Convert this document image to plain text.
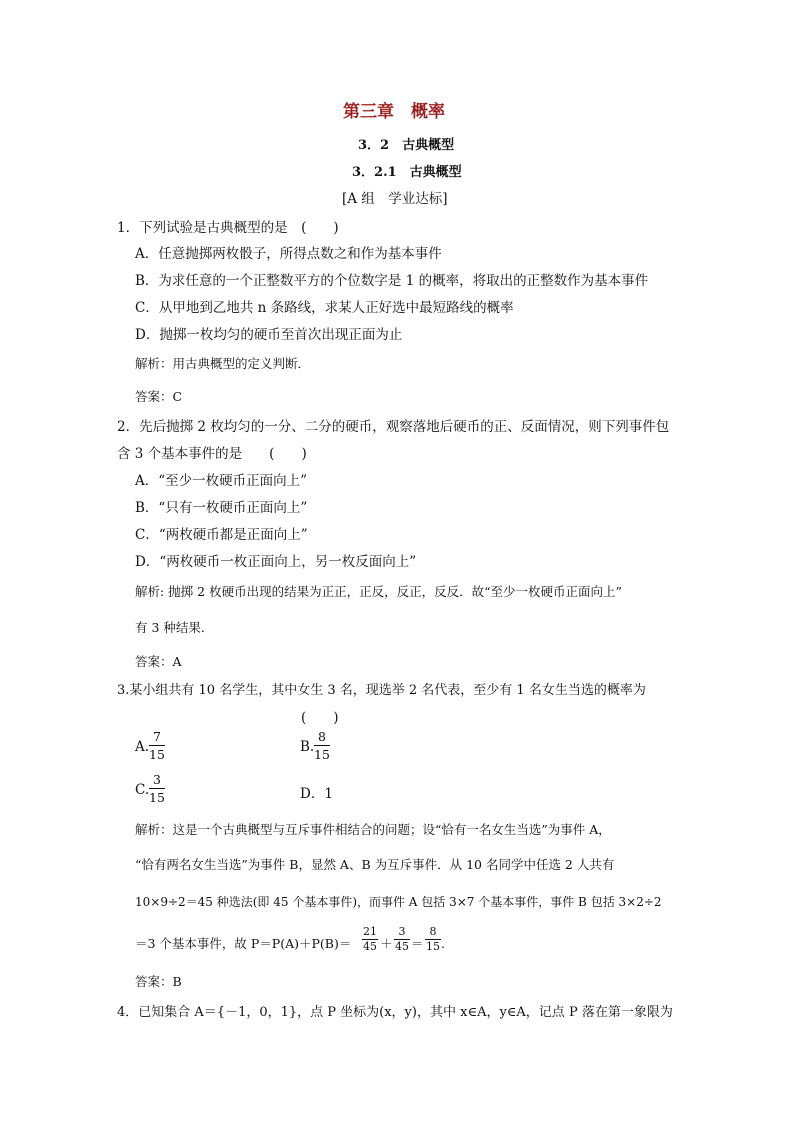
第三章　概率
3．2　古典概型
3．2.1　古典概型
[A 组　学业达标]
1．下列试验是古典概型的是　(　　)
A．任意抛掷两枚骰子，所得点数之和作为基本事件
B．为求任意的一个正整数平方的个位数字是 1 的概率，将取出的正整数作为基本事件
C．从甲地到乙地共 n 条路线，求某人正好选中最短路线的概率
D．抛掷一枚均匀的硬币至首次出现正面为止
解析：用古典概型的定义判断．
答案：C
2．先后抛掷 2 枚均匀的一分、二分的硬币，观察落地后硬币的正、反面情况，则下列事件包
含 3 个基本事件的是　　(　　)
A．“至少一枚硬币正面向上”
B．“只有一枚硬币正面向上”
C．“两枚硬币都是正面向上”
D．“两枚硬币一枚正面向上，另一枚反面向上”
解析: 抛掷 2 枚硬币出现的结果为正正，正反，反正，反反．故“至少一枚硬币正面向上”
有 3 种结果．
答案：A
3.某小组共有 10 名学生，其中女生 3 名，现选举 2 名代表，至少有 1 名女生当选的概率为
(　　)
A.
7
15	B.
8
15
C.
3
15	D．1
解析：这是一个古典概型与互斥事件相结合的问题；设“恰有一名女生当选”为事件 A，
“恰有两名女生当选”为事件 B，显然 A、B 为互斥事件．从 10 名同学中任选 2 人共有
10×9÷2＝45 种选法(即 45 个基本事件)，而事件 A 包括 3×7 个基本事件，事件 B 包括 3×2÷2
＝3 个基本事件，故 P＝P(A)＋P(B)＝
21
45 ＋
3
45 ＝
8
15 .
答案：B
4．已知集合 A＝{－1，0，1}，点 P 坐标为(x，y)，其中 x∈A，y∈A，记点 P 落在第一象限为
